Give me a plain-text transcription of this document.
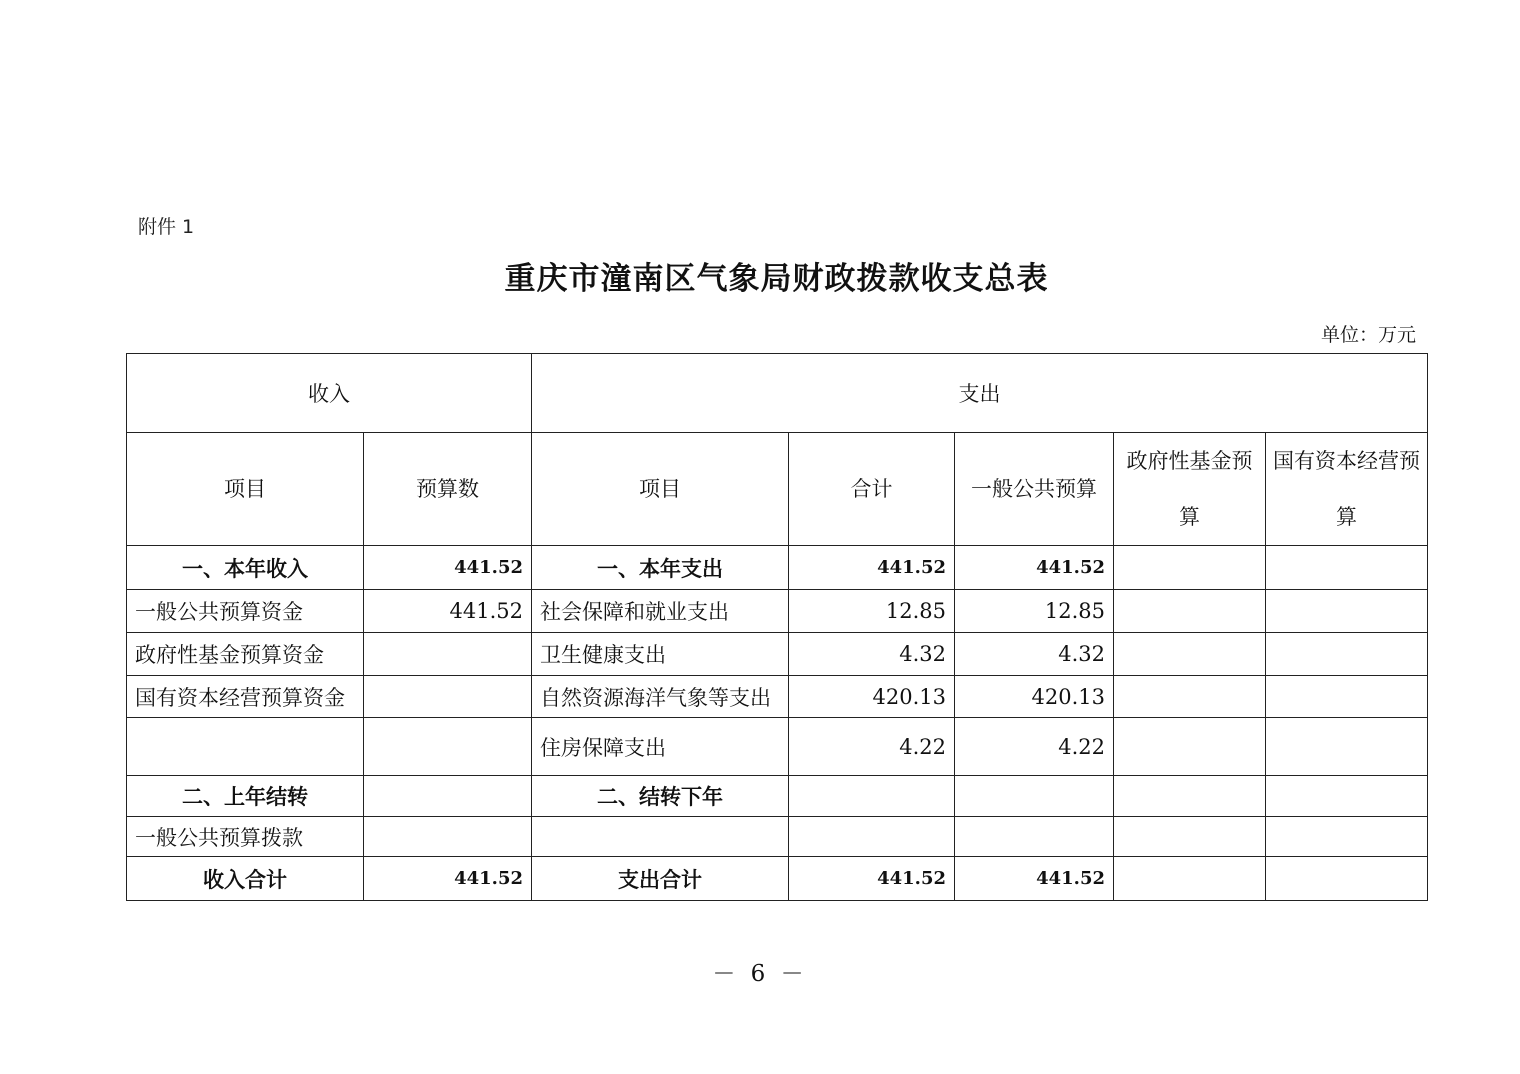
附件 1
重庆市潼南区气象局财政拨款收支总表
单位：万元
收入		支出				
项目	预算数	项目	合计	一般公共预算	政府性基金预算	国有资本经营预算
一、本年收入	441.52	一、本年支出	441.52	441.52		
一般公共预算资金	441.52	社会保障和就业支出	12.85	12.85		
政府性基金预算资金		卫生健康支出	4.32	4.32		
国有资本经营预算资金		自然资源海洋气象等支出	420.13	420.13		
		住房保障支出	4.22	4.22		
二、上年结转		二、结转下年				
一般公共预算拨款						
收入合计	441.52	支出合计	441.52	441.52		
－ 6 －
